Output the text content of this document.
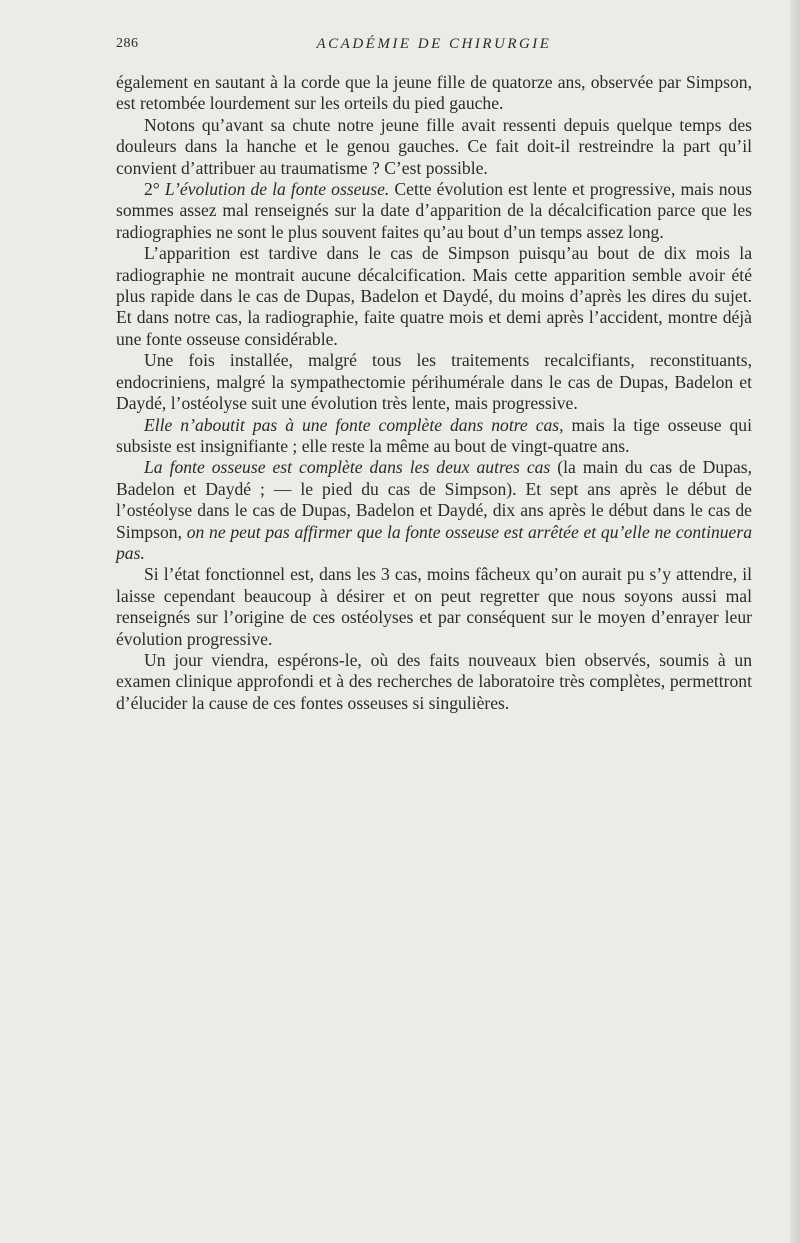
286	ACADÉMIE DE CHIRURGIE

également en sautant à la corde que la jeune fille de quatorze ans, observée par Simpson, est retombée lourdement sur les orteils du pied gauche.

Notons qu’avant sa chute notre jeune fille avait ressenti depuis quelque temps des douleurs dans la hanche et le genou gauches. Ce fait doit-il restreindre la part qu’il convient d’attribuer au traumatisme ? C’est possible.

2° L’évolution de la fonte osseuse. Cette évolution est lente et progressive, mais nous sommes assez mal renseignés sur la date d’apparition de la décalcification parce que les radiographies ne sont le plus souvent faites qu’au bout d’un temps assez long.

L’apparition est tardive dans le cas de Simpson puisqu’au bout de dix mois la radiographie ne montrait aucune décalcification. Mais cette apparition semble avoir été plus rapide dans le cas de Dupas, Badelon et Daydé, du moins d’après les dires du sujet. Et dans notre cas, la radiographie, faite quatre mois et demi après l’accident, montre déjà une fonte osseuse considérable.

Une fois installée, malgré tous les traitements recalcifiants, reconstituants, endocriniens, malgré la sympathectomie périhumérale dans le cas de Dupas, Badelon et Daydé, l’ostéolyse suit une évolution très lente, mais progressive.

Elle n’aboutit pas à une fonte complète dans notre cas, mais la tige osseuse qui subsiste est insignifiante ; elle reste la même au bout de vingt-quatre ans.

La fonte osseuse est complète dans les deux autres cas (la main du cas de Dupas, Badelon et Daydé ; — le pied du cas de Simpson). Et sept ans après le début de l’ostéolyse dans le cas de Dupas, Badelon et Daydé, dix ans après le début dans le cas de Simpson, on ne peut pas affirmer que la fonte osseuse est arrêtée et qu’elle ne continuera pas.

Si l’état fonctionnel est, dans les 3 cas, moins fâcheux qu’on aurait pu s’y attendre, il laisse cependant beaucoup à désirer et on peut regretter que nous soyons aussi mal renseignés sur l’origine de ces ostéolyses et par conséquent sur le moyen d’enrayer leur évolution progressive.

Un jour viendra, espérons-le, où des faits nouveaux bien observés, soumis à un examen clinique approfondi et à des recherches de laboratoire très complètes, permettront d’élucider la cause de ces fontes osseuses si singulières.
